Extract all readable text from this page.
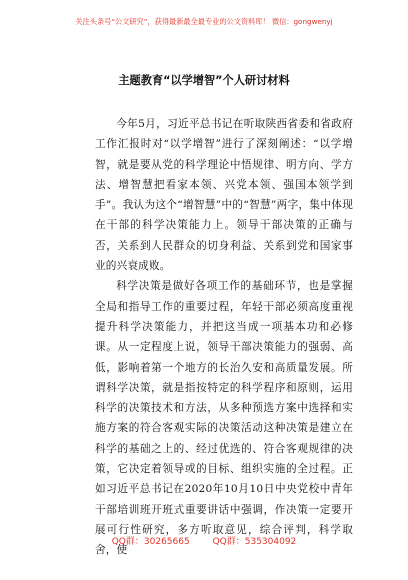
关注头条号“公文研究”，获得最新最全最专业的公文资料库！ 微信：gongwenyj
主题教育“以学增智”个人研讨材料

今年5月，习近平总书记在听取陕西省委和省政府工作汇报时对“以学增智”进行了深刻阐述：“以学增智，就是要从党的科学理论中悟规律、明方向、学方法、增智慧把看家本领、兴党本领、强国本领学到手”。我认为这个“增智慧”中的“智慧”两字，集中体现在干部的科学决策能力上。领导干部决策的正确与否，关系到人民群众的切身利益、关系到党和国家事业的兴衰成败。

科学决策是做好各项工作的基础环节，也是掌握全局和指导工作的重要过程，年轻干部必须高度重视提升科学决策能力，并把这当成一项基本功和必修课。从一定程度上说，领导干部决策能力的强弱、高低，影响着第一个地方的长治久安和高质量发展。所谓科学决策，就是指按特定的科学程序和原则，运用科学的决策技术和方法，从多种预选方案中选择和实施方案的符合客观实际的决策活动这种决策是建立在科学的基础之上的、经过优选的、符合客观规律的决策，它决定着领导或的目标、组织实施的全过程。正如习近平总书记在2020年10月10日中央党校中青年干部培训班开班式重要讲话中强调，作决策一定要开展可行性研究，多方听取意见，综合评判，科学取舍，使

QQ群：30265665	QQ群：535304092
